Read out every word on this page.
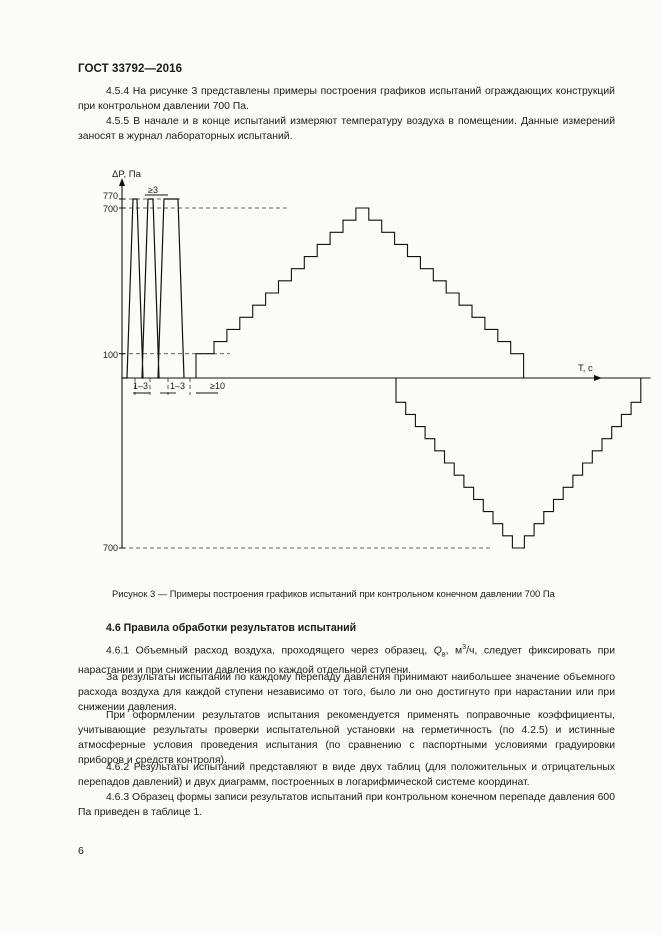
ГОСТ 33792—2016

4.5.4 На рисунке 3 представлены примеры построения графиков испытаний ограждающих конструкций при контрольном давлении 700 Па.

4.5.5 В начале и в конце испытаний измеряют температуру воздуха в помещении. Данные измерений заносят в журнал лабораторных испытаний.

ΔP, Па
T, с
770
700
100
700
≥3
1–3 1–3	≥10
Рисунок 3 — Примеры построения графиков испытаний при контрольном конечном давлении 700 Па
4.6 Правила обработки результатов испытаний

4.6.1 Объемный расход воздуха, проходящего через образец, $Q_в$, $м^3/ч$, следует фиксировать при нарастании и при снижении давления по каждой отдельной ступени.

За результаты испытаний по каждому перепаду давления принимают наибольшее значение объемного расхода воздуха для каждой ступени независимо от того, было ли оно достигнуто при нарастании или при снижении давления.

При оформлении результатов испытания рекомендуется применять поправочные коэффициенты, учитывающие результаты проверки испытательной установки на герметичность (по 4.2.5) и истинные атмосферные условия проведения испытания (по сравнению с паспортными условиями градуировки приборов и средств контроля).

4.6.2 Результаты испытаний представляют в виде двух таблиц (для положительных и отрицательных перепадов давлений) и двух диаграмм, построенных в логарифмической системе координат.

4.6.3 Образец формы записи результатов испытаний при контрольном конечном перепаде давления 600 Па приведен в таблице 1.

6
